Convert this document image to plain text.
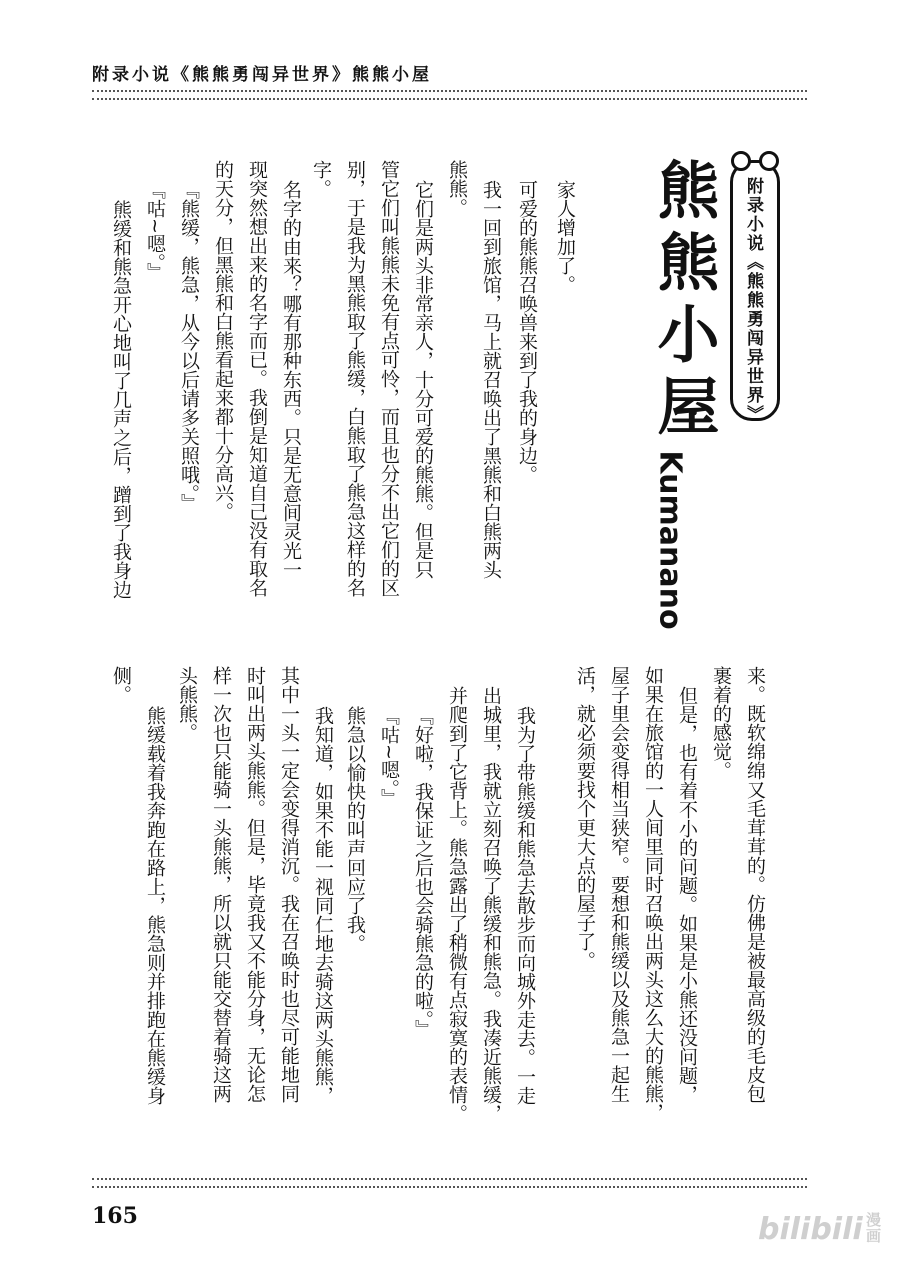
附录小说《熊熊勇闯异世界》熊熊小屋
附录小说《熊熊勇闯异世界》
熊熊小屋
Kumanano
家人增加了。
可爱的熊熊召唤兽来到了我的身边。
我一回到旅馆，马上就召唤出了黑熊和白熊两头
熊熊。
它们是两头非常亲人，十分可爱的熊熊。但是只
管它们叫熊熊未免有点可怜，而且也分不出它们的区
别，于是我为黑熊取了熊缓，白熊取了熊急这样的名
字。
名字的由来？哪有那种东西。只是无意间灵光一
现突然想出来的名字而已。我倒是知道自己没有取名
的天分，但黑熊和白熊看起来都十分高兴。
『熊缓，熊急，从今以后请多关照哦。』
『咕~嗯。』
熊缓和熊急开心地叫了几声之后，蹭到了我身边
来。既软绵绵又毛茸茸的。仿佛是被最高级的毛皮包
裹着的感觉。
但是，也有着不小的问题。如果是小熊还没问题，
如果在旅馆的一人间里同时召唤出两头这么大的熊熊，
屋子里会变得相当狭窄。要想和熊缓以及熊急一起生
活，就必须要找个更大点的屋子了。
我为了带熊缓和熊急去散步而向城外走去。一走
出城里，我就立刻召唤了熊缓和熊急。我凑近熊缓，
并爬到了它背上。熊急露出了稍微有点寂寞的表情。
『好啦，我保证之后也会骑熊急的啦。』
『咕~嗯。』
熊急以愉快的叫声回应了我。
我知道，如果不能一视同仁地去骑这两头熊熊，
其中一头一定会变得消沉。我在召唤时也尽可能地同
时叫出两头熊熊。但是，毕竟我又不能分身，无论怎
样一次也只能骑一头熊熊，所以就只能交替着骑这两
头熊熊。
熊缓载着我奔跑在路上，熊急则并排跑在熊缓身
侧。
165	bilibili 漫画
